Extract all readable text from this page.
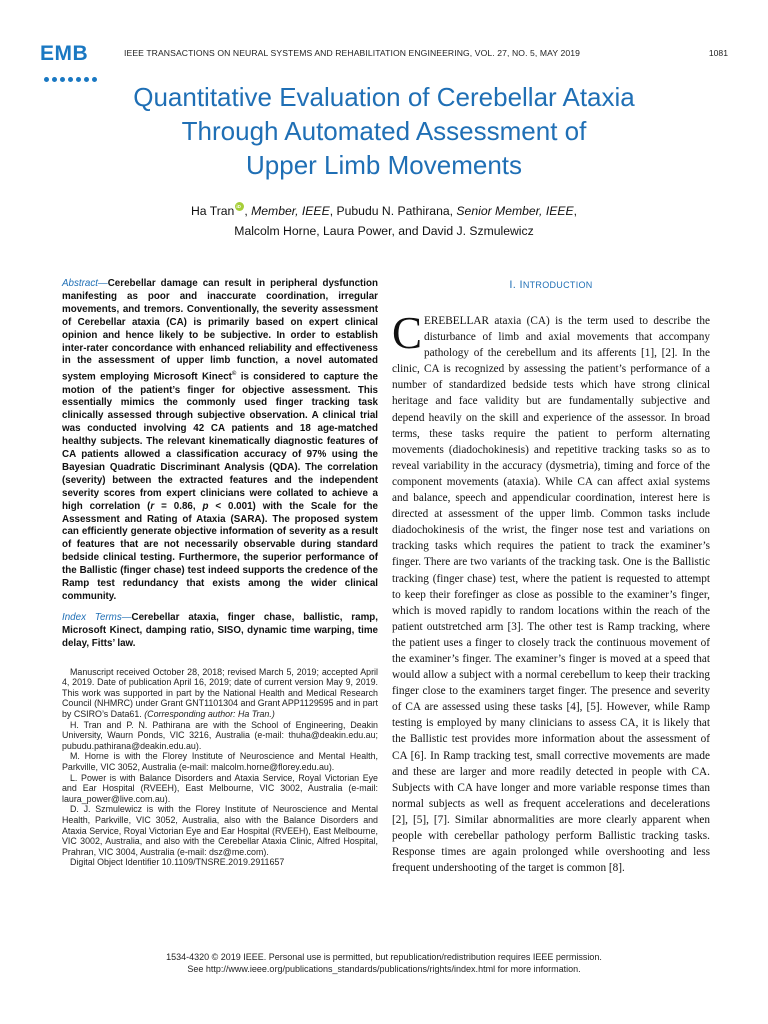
EMB	IEEE TRANSACTIONS ON NEURAL SYSTEMS AND REHABILITATION ENGINEERING, VOL. 27, NO. 5, MAY 2019	1081
Quantitative Evaluation of Cerebellar Ataxia
Through Automated Assessment of
Upper Limb Movements
Ha TraniD , Member, IEEE, Pubudu N. Pathirana, Senior Member, IEEE,
Malcolm Horne, Laura Power, and David J. Szmulewicz

Abstract—Cerebellar damage can result in peripheral dysfunction manifesting as poor and inaccurate coordination, irregular movements, and tremors. Conventionally, the severity assessment of Cerebellar ataxia (CA) is primarily based on expert clinical opinion and hence likely to be subjective. In order to establish inter-rater concordance with enhanced reliability and effectiveness in the assessment of upper limb function, a novel automated system employing Microsoft Kinect© is considered to capture the motion of the patient’s finger for objective assessment. This essentially mimics the commonly used finger tracking task clinically assessed through subjective observation. A clinical trial was conducted involving 42 CA patients and 18 age-matched healthy subjects. The relevant kinematically diagnostic features of CA patients allowed a classification accuracy of 97% using the Bayesian Quadratic Discriminant Analysis (QDA). The correlation (severity) between the extracted features and the independent severity scores from expert clinicians were collated to achieve a high correlation (r = 0.86, p < 0.001) with the Scale for the Assessment and Rating of Ataxia (SARA). The proposed system can efficiently generate objective information of severity as a result of features that are not necessarily observable during standard bedside clinical testing. Furthermore, the superior performance of the Ballistic (finger chase) test indeed supports the credence of the Ramp test redundancy that exists among the wider clinical community.

Index Terms—Cerebellar ataxia, finger chase, ballistic, ramp, Microsoft Kinect, damping ratio, SISO, dynamic time warping, time delay, Fitts’ law.

Manuscript received October 28, 2018; revised March 5, 2019; accepted April 4, 2019. Date of publication April 16, 2019; date of current version May 9, 2019. This work was supported in part by the National Health and Medical Research Council (NHMRC) under Grant GNT1101304 and Grant APP1129595 and in part by CSIRO’s Data61. (Corresponding author: Ha Tran.)

H. Tran and P. N. Pathirana are with the School of Engineering, Deakin University, Waurn Ponds, VIC 3216, Australia (e-mail: thuha@deakin.edu.au; pubudu.pathirana@deakin.edu.au).

M. Horne is with the Florey Institute of Neuroscience and Mental Health, Parkville, VIC 3052, Australia (e-mail: malcolm.horne@florey.edu.au).

L. Power is with Balance Disorders and Ataxia Service, Royal Victorian Eye and Ear Hospital (RVEEH), East Melbourne, VIC 3002, Australia (e-mail: laura_power@live.com.au).

D. J. Szmulewicz is with the Florey Institute of Neuroscience and Mental Health, Parkville, VIC 3052, Australia, also with the Balance Disorders and Ataxia Service, Royal Victorian Eye and Ear Hospital (RVEEH), East Melbourne, VIC 3002, Australia, and also with the Cerebellar Ataxia Clinic, Alfred Hospital, Prahran, VIC 3004, Australia (e-mail: dsz@me.com).

Digital Object Identifier 10.1109/TNSRE.2019.2911657

I. INTRODUCTION

CEREBELLAR ataxia (CA) is the term used to describe the disturbance of limb and axial movements that accompany pathology of the cerebellum and its afferents [1], [2]. In the clinic, CA is recognized by assessing the patient’s performance of a number of standardized bedside tests which have strong clinical heritage and face validity but are fundamentally subjective and depend heavily on the skill and experience of the assessor. In broad terms, these tasks require the patient to perform alternating movements (diadochokinesis) and repetitive tracking tasks so as to reveal variability in the accuracy (dysmetria), timing and force of the component movements (ataxia). While CA can affect axial systems and balance, speech and appendicular coordination, interest here is directed at assessment of the upper limb. Common tasks include diadochokinesis of the wrist, the finger nose test and variations on tracking tasks which requires the patient to track the examiner’s finger. There are two variants of the tracking task. One is the Ballistic tracking (finger chase) test, where the patient is requested to attempt to keep their forefinger as close as possible to the examiner’s finger, which is moved rapidly to random locations within the reach of the patient outstretched arm [3]. The other test is Ramp tracking, where the patient uses a finger to closely track the continuous movement of the examiner’s finger. The examiner’s finger is moved at a speed that would allow a subject with a normal cerebellum to keep their tracking finger close to the examiners target finger. The presence and severity of CA are assessed using these tasks [4], [5]. However, while Ramp testing is employed by many clinicians to assess CA, it is likely that the Ballistic test provides more information about the assessment of CA [6]. In Ramp tracking test, small corrective movements are made and these are larger and more readily detected in people with CA. Subjects with CA have longer and more variable response times than normal subjects as well as frequent accelerations and decelerations [2], [5], [7]. Similar abnormalities are more clearly apparent when people with cerebellar pathology perform Ballistic tracking tasks. Response times are again prolonged while overshooting and less frequent undershooting of the target is common [8].

1534-4320 © 2019 IEEE. Personal use is permitted, but republication/redistribution requires IEEE permission.
See http://www.ieee.org/publications_standards/publications/rights/index.html for more information.
